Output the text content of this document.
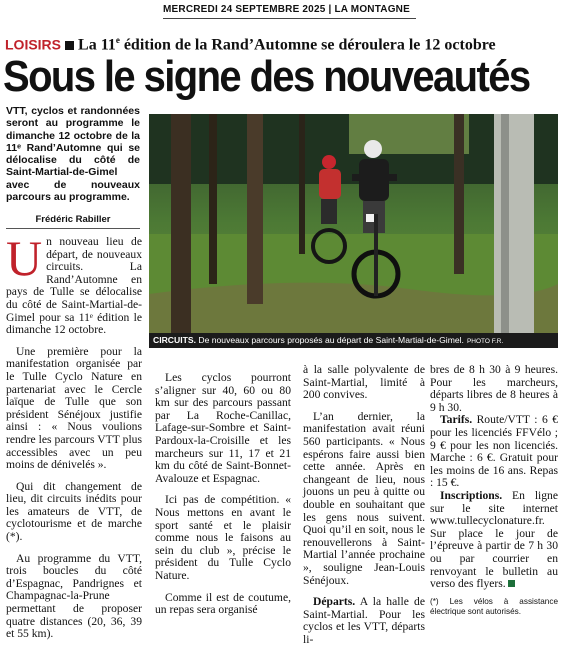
MERCREDI 24 SEPTEMBRE 2025 | LA MONTAGNE
LOISIRS La 11e édition de la Rand’Automne se déroulera le 12 octobre
Sous le signe des nouveautés
VTT, cyclos et randonnées seront au programme le dimanche 12 octobre de la 11ᵉ Rand’Automne qui se délocalise du côté de Saint-Martial-de-Gimel avec de nouveaux parcours au programme.
Frédéric Rabiller
CIRCUITS. De nouveaux parcours proposés au départ de Saint-Martial-de-Gimel. PHOTO F.R.

Un nouveau lieu de départ, de nouveaux circuits. La Rand’Automne en pays de Tulle se délocalise du côté de Saint-Martial-de-Gimel pour sa 11ᵉ édition le dimanche 12 octobre.

Une première pour la manifestation organisée par le Tulle Cyclo Nature en partenariat avec le Cercle laïque de Tulle que son président Sénéjoux justifie ainsi : « Nous voulions rendre les parcours VTT plus accessibles avec un peu moins de dénivelés ».

Qui dit changement de lieu, dit circuits inédits pour les amateurs de VTT, de cyclotourisme et de marche (*).

Au programme du VTT, trois boucles du côté d’Espagnac, Pandrignes et Champagnac-la-Prune permettant de proposer quatre distances (20, 36, 39 et 55 km).

Les cyclos pourront s’aligner sur 40, 60 ou 80 km sur des parcours passant par La Roche-Canillac, Lafage-sur-Sombre et Saint-Pardoux-la-Croisille et les marcheurs sur 11, 17 et 21 km du côté de Saint-Bonnet-Avalouze et Espagnac.

Ici pas de compétition. « Nous mettons en avant le sport santé et le plaisir comme nous le faisons au sein du club », précise le président du Tulle Cyclo Nature.

Comme il est de coutume, un repas sera organisé

à la salle polyvalente de Saint-Martial, limité à 200 convives.

L’an dernier, la manifestation avait réuni 560 participants. « Nous espérons faire aussi bien cette année. Après en changeant de lieu, nous jouons un peu à quitte ou double en souhaitant que les gens nous suivent. Quoi qu’il en soit, nous le renouvellerons à Saint-Martial l’année prochaine », souligne Jean-Louis Sénéjoux.

Départs. A la halle de Saint-Martial. Pour les cyclos et les VTT, départs li-

bres de 8 h 30 à 9 heures. Pour les marcheurs, départs libres de 8 heures à 9 h 30.

Tarifs. Route/VTT : 6 € pour les licenciés FFVélo ; 9 € pour les non licenciés. Marche : 6 €. Gratuit pour les moins de 16 ans. Repas : 15 €.

Inscriptions. En ligne sur le site internet www.tullecyclonature.fr. Sur place le jour de l’épreuve à partir de 7 h 30 ou par courrier en renvoyant le bulletin au verso des flyers.

(*) Les vélos à assistance électrique sont autorisés.
